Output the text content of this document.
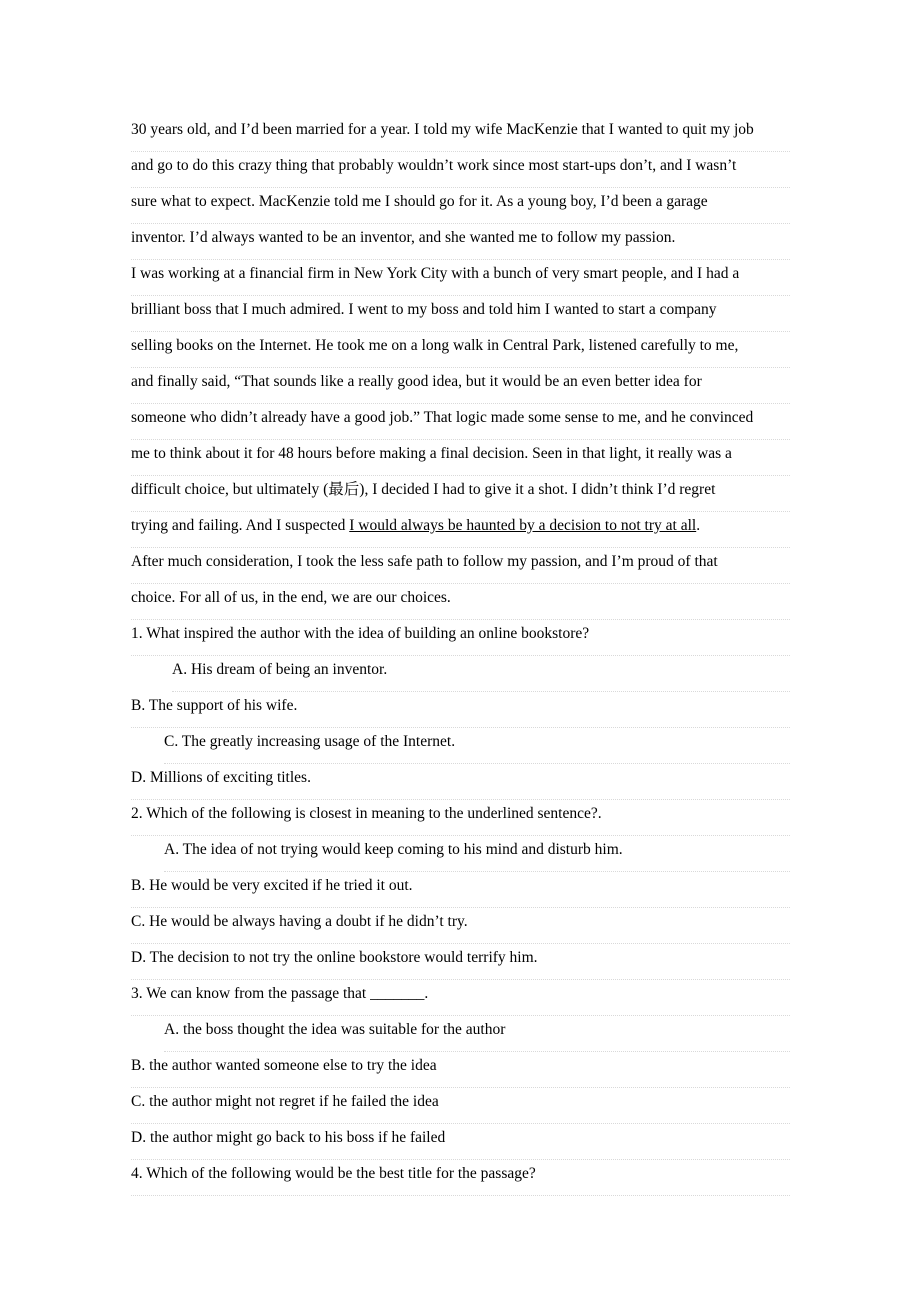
30 years old, and I’d been married for a year. I told my wife MacKenzie that I wanted to quit my job
and go to do this crazy thing that probably wouldn’t work since most start-ups don’t, and I wasn’t
sure what to expect. MacKenzie told me I should go for it. As a young boy, I’d been a garage
inventor. I’d always wanted to be an inventor, and she wanted me to follow my passion.
I was working at a financial firm in New York City with a bunch of very smart people, and I had a
brilliant boss that I much admired. I went to my boss and told him I wanted to start a company
selling books on the Internet. He took me on a long walk in Central Park, listened carefully to me,
and finally said, “That sounds like a really good idea, but it would be an even better idea for
someone who didn’t already have a good job.” That logic made some sense to me, and he convinced
me to think about it for 48 hours before making a final decision. Seen in that light, it really was a
difficult choice, but ultimately (最后), I decided I had to give it a shot. I didn’t think I’d regret
trying and failing. And I suspected I would always be haunted by a decision to not try at all.
After much consideration, I took the less safe path to follow my passion, and I’m proud of that
choice. For all of us, in the end, we are our choices.
1. What inspired the author with the idea of building an online bookstore?
A. His dream of being an inventor.
B. The support of his wife.
C. The greatly increasing usage of the Internet.
D. Millions of exciting titles.
2. Which of the following is closest in meaning to the underlined sentence?.
A. The idea of not trying would keep coming to his mind and disturb him.
B. He would be very excited if he tried it out.
C. He would be always having a doubt if he didn’t try.
D. The decision to not try the online bookstore would terrify him.
3. We can know from the passage that _______.
A. the boss thought the idea was suitable for the author
B. the author wanted someone else to try the idea
C. the author might not regret if he failed the idea
D. the author might go back to his boss if he failed
4. Which of the following would be the best title for the passage?
